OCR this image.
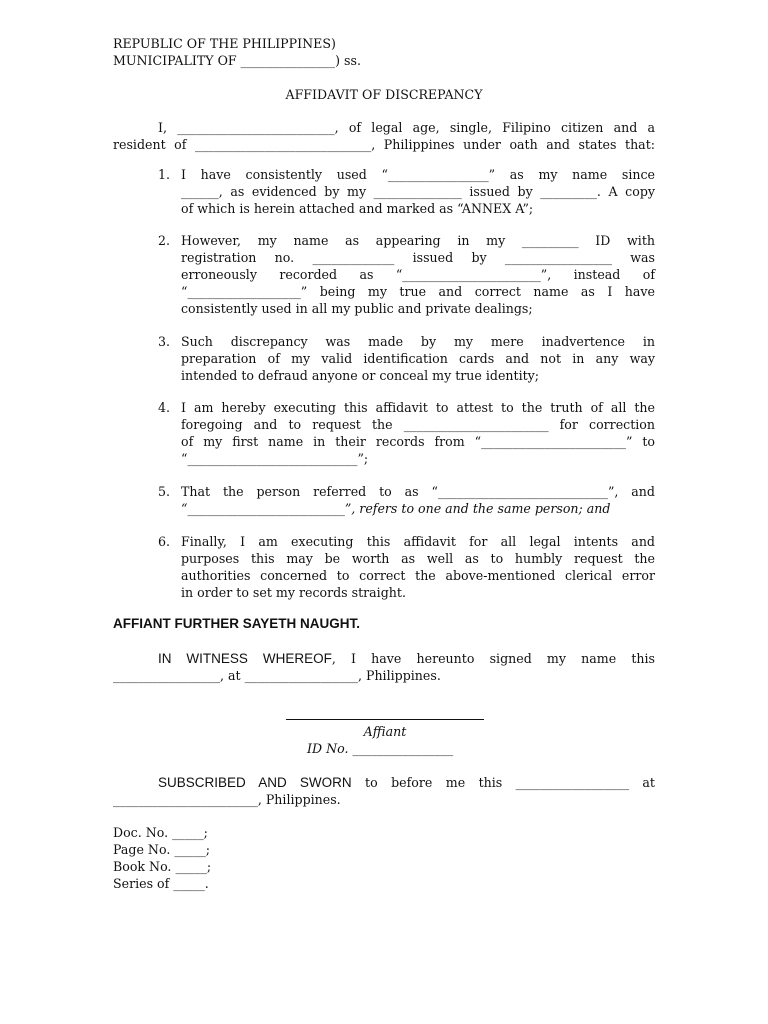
REPUBLIC OF THE PHILIPPINES)
MUNICIPALITY OF _______________) ss.
AFFIDAVIT OF DISCREPANCY
I, _________________________, of legal age, single, Filipino citizen and a
resident of ____________________________, Philippines under oath and states that:
1. I have consistently used “________________” as my name since
______, as evidenced by my ______________ issued by _________. A copy
of which is herein attached and marked as “ANNEX A”;
2. However, my name as appearing in my _________ ID with
registration no. _____________ issued by _________________ was
erroneously recorded as “______________________”, instead of
“__________________” being my true and correct name as I have
consistently used in all my public and private dealings;
3. Such discrepancy was made by my mere inadvertence in
preparation of my valid identification cards and not in any way
intended to defraud anyone or conceal my true identity;
4. I am hereby executing this affidavit to attest to the truth of all the
foregoing and to request the _______________________ for correction
of my first name in their records from “_______________________” to
“___________________________”;
5. That the person referred to as “___________________________”, and
“_________________________”, refers to one and the same person; and
6. Finally, I am executing this affidavit for all legal intents and
purposes this may be worth as well as to humbly request the
authorities concerned to correct the above-mentioned clerical error
in order to set my records straight.
AFFIANT FURTHER SAYETH NAUGHT.
IN WITNESS WHEREOF, I have hereunto signed my name this
_________________, at __________________, Philippines.
Affiant
ID No. ________________
SUBSCRIBED AND SWORN to before me this __________________ at
_______________________, Philippines.
Doc. No. _____;
Page No. _____;
Book No. _____;
Series of _____.
